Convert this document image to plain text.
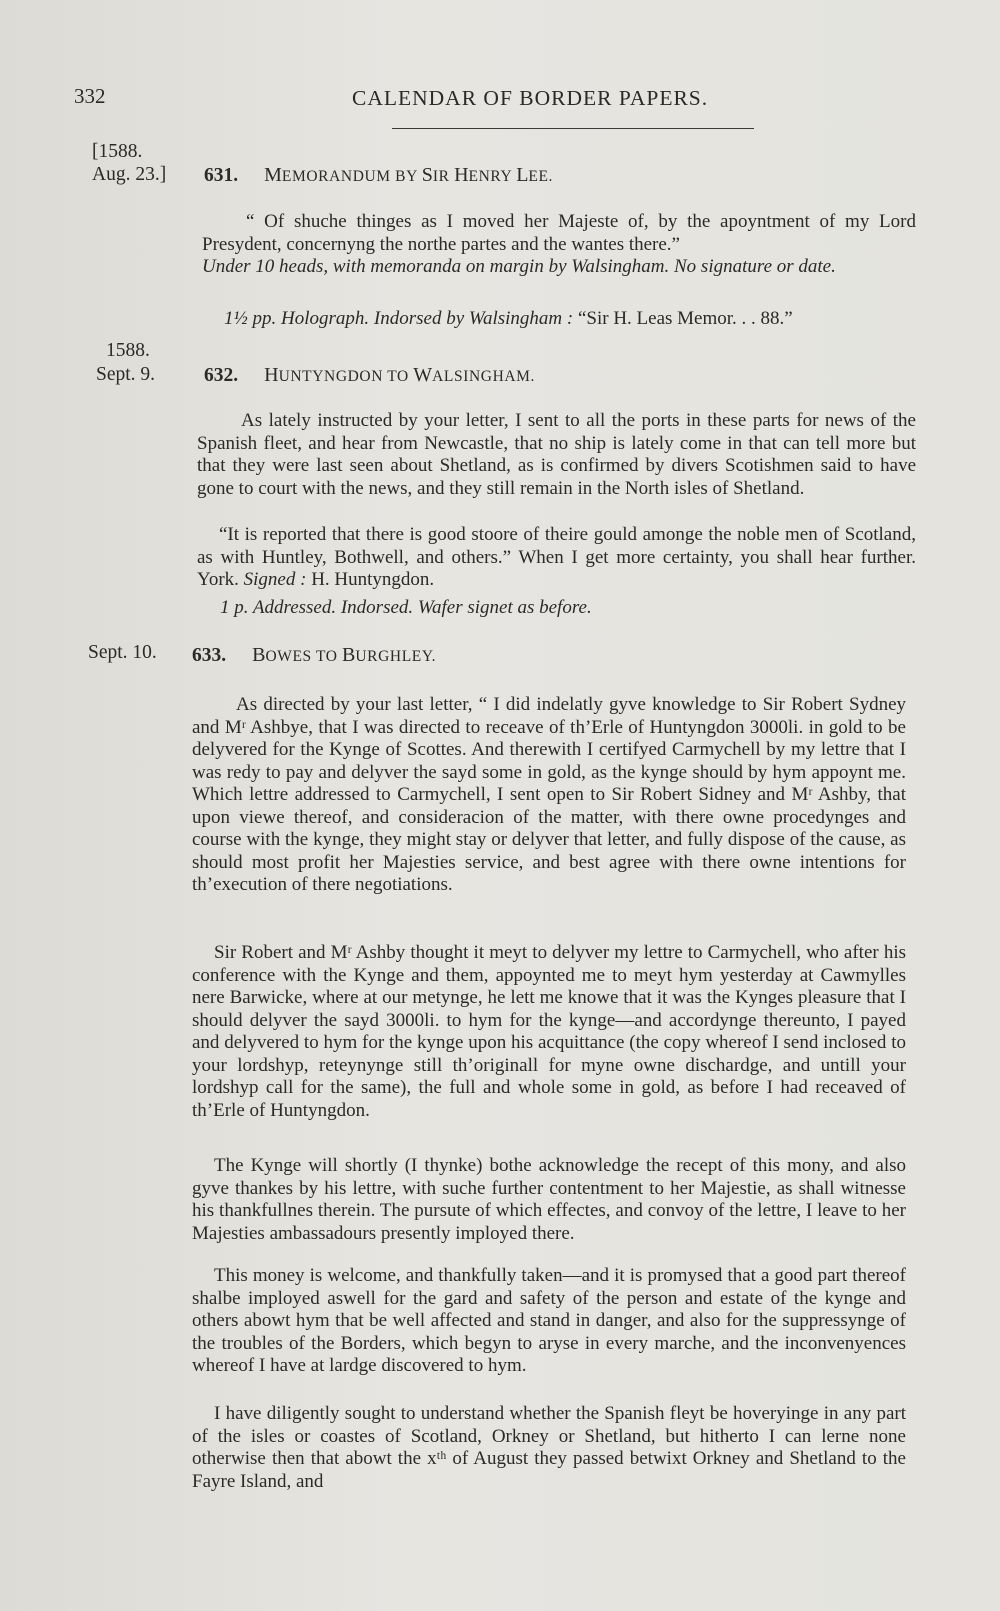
332	CALENDAR OF BORDER PAPERS.
[1588.
Aug. 23.] 631. MEMORANDUM BY SIR HENRY LEE.
“ Of shuche thinges as I moved her Majeste of, by the apoyntment of my Lord Presydent, concernyng the northe partes and the wantes there.”
Under 10 heads, with memoranda on margin by Walsingham. No signature or date.
1½ pp. Holograph. Indorsed by Walsingham : “Sir H. Leas Memor. . . 88.”
1588.
Sept. 9.	632. HUNTYNGDON TO WALSINGHAM.
As lately instructed by your letter, I sent to all the ports in these parts for news of the Spanish fleet, and hear from Newcastle, that no ship is lately come in that can tell more but that they were last seen about Shetland, as is confirmed by divers Scotishmen said to have gone to court with the news, and they still remain in the North isles of Shetland.
“It is reported that there is good stoore of theire gould amonge the noble men of Scotland, as with Huntley, Bothwell, and others.” When I get more certainty, you shall hear further. York. Signed : H. Huntyngdon.
1 p. Addressed. Indorsed. Wafer signet as before.
Sept. 10. 633. BOWES TO BURGHLEY.
As directed by your last letter, “ I did indelatly gyve knowledge to Sir Robert Sydney and Mʳ Ashbye, that I was directed to receave of th’Erle of Huntyngdon 3000li. in gold to be delyvered for the Kynge of Scottes. And therewith I certifyed Carmychell by my lettre that I was redy to pay and delyver the sayd some in gold, as the kynge should by hym appoynt me. Which lettre addressed to Carmychell, I sent open to Sir Robert Sidney and Mʳ Ashby, that upon viewe thereof, and consideracion of the matter, with there owne procedynges and course with the kynge, they might stay or delyver that letter, and fully dispose of the cause, as should most profit her Majesties service, and best agree with there owne intentions for th’execution of there negotiations.
Sir Robert and Mʳ Ashby thought it meyt to delyver my lettre to Carmychell, who after his conference with the Kynge and them, appoynted me to meyt hym yesterday at Cawmylles nere Barwicke, where at our metynge, he lett me knowe that it was the Kynges pleasure that I should delyver the sayd 3000li. to hym for the kynge—and accordynge thereunto, I payed and delyvered to hym for the kynge upon his acquittance (the copy whereof I send inclosed to your lordshyp, reteynynge still th’originall for myne owne dischardge, and untill your lordshyp call for the same), the full and whole some in gold, as before I had receaved of th’Erle of Huntyngdon.
The Kynge will shortly (I thynke) bothe acknowledge the recept of this mony, and also gyve thankes by his lettre, with suche further contentment to her Majestie, as shall witnesse his thankfullnes therein. The pursute of which effectes, and convoy of the lettre, I leave to her Majesties ambassadours presently imployed there.
This money is welcome, and thankfully taken—and it is promysed that a good part thereof shalbe imployed aswell for the gard and safety of the person and estate of the kynge and others abowt hym that be well affected and stand in danger, and also for the suppressynge of the troubles of the Borders, which begyn to aryse in every marche, and the inconvenyences whereof I have at lardge discovered to hym.
I have diligently sought to understand whether the Spanish fleyt be hoveryinge in any part of the isles or coastes of Scotland, Orkney or Shetland, but hitherto I can lerne none otherwise then that abowt the xᵗʰ of August they passed betwixt Orkney and Shetland to the Fayre Island, and
